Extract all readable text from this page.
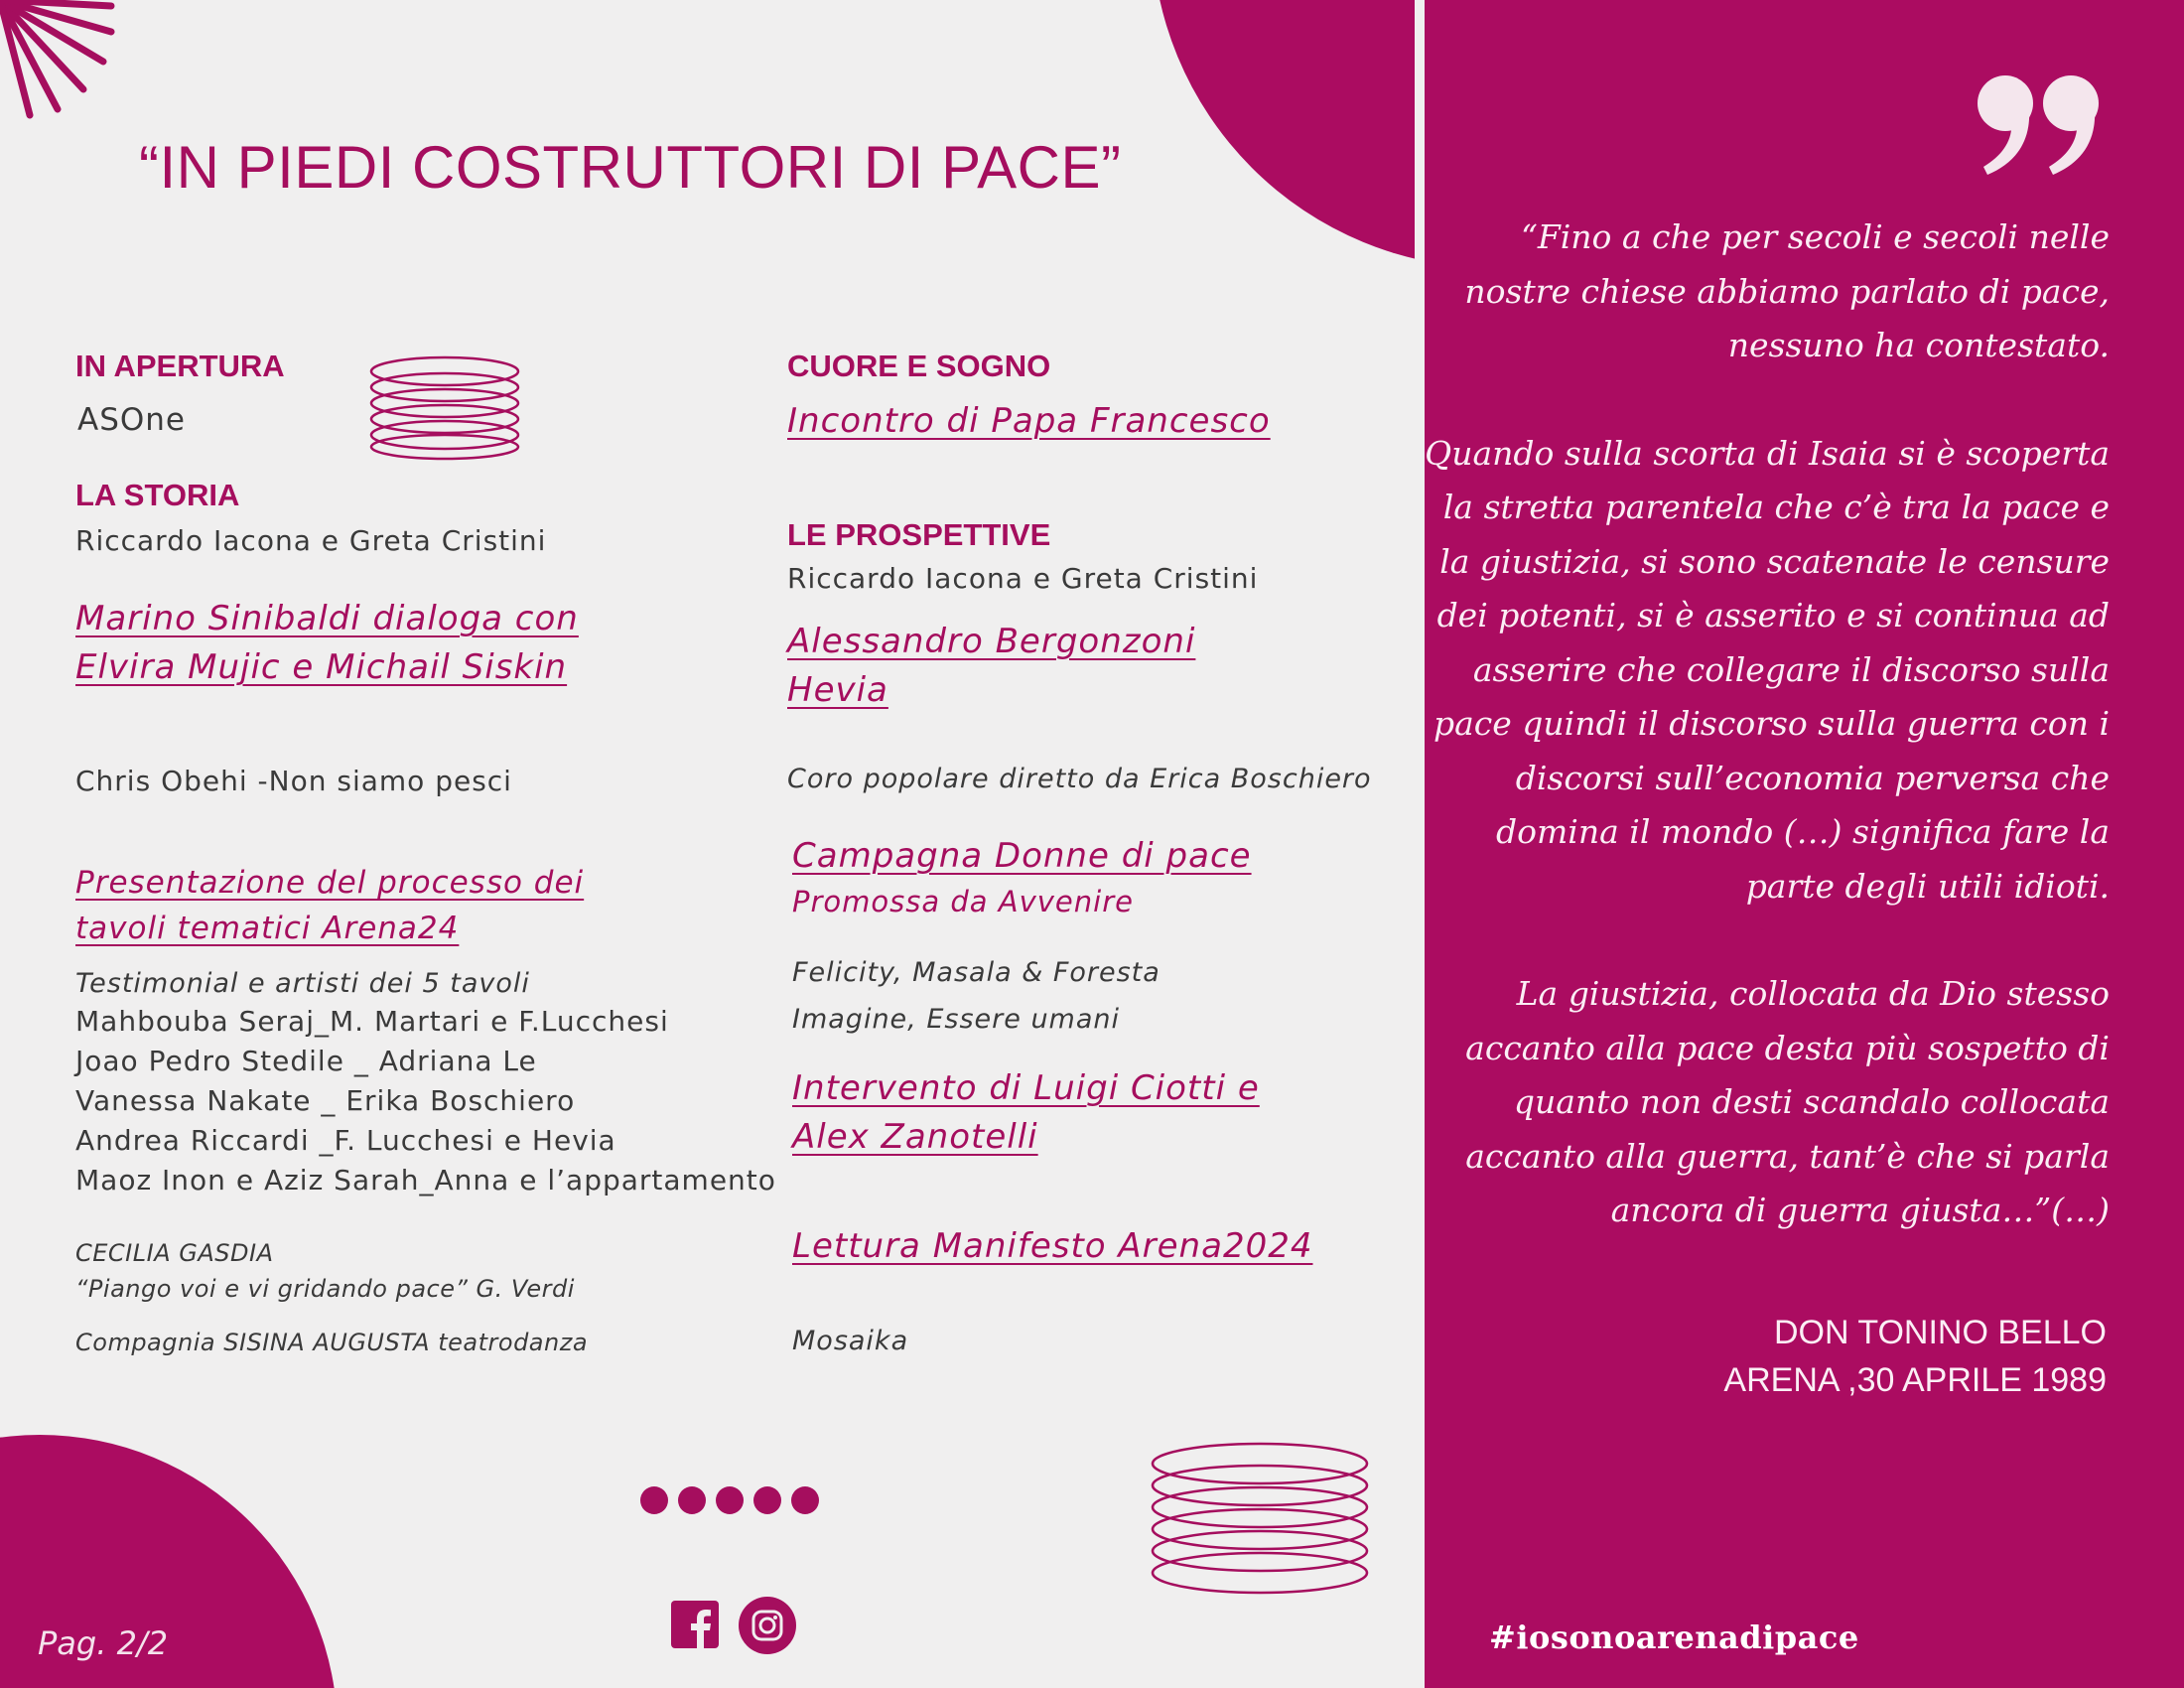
“IN PIEDI COSTRUTTORI DI PACE”
IN APERTURA
ASOne
LA STORIA
Riccardo Iacona e Greta Cristini
Marino Sinibaldi dialoga con
Elvira Mujic e Michail Siskin
Chris Obehi -Non siamo pesci
Presentazione del processo dei
tavoli tematici Arena24
Testimonial e artisti dei 5 tavoli
Mahbouba Seraj_M. Martari e F.Lucchesi
Joao Pedro Stedile _ Adriana Le
Vanessa Nakate _ Erika Boschiero
Andrea Riccardi _F. Lucchesi e Hevia
Maoz Inon e Aziz Sarah_Anna e l’appartamento
CECILIA GASDIA
“Piango voi e vi gridando pace” G. Verdi
Compagnia SISINA AUGUSTA teatrodanza
CUORE E SOGNO
Incontro di Papa Francesco
LE PROSPETTIVE
Riccardo Iacona e Greta Cristini
Alessandro Bergonzoni
Hevia
Coro popolare diretto da Erica Boschiero
Campagna Donne di pace
Promossa da Avvenire
Felicity, Masala & Foresta
Imagine, Essere umani
Intervento di Luigi Ciotti e
Alex Zanotelli
Lettura Manifesto Arena2024
Mosaika
Pag. 2/2

“Fino a che per secoli e secoli nelle nostre chiese abbiamo parlato di pace, nessuno ha contestato.

Quando sulla scorta di Isaia si è scoperta la stretta parentela che c’è tra la pace e la giustizia, si sono scatenate le censure dei potenti, si è asserito e si continua ad asserire che collegare il discorso sulla pace quindi il discorso sulla guerra con i discorsi sull’economia perversa che domina il mondo (…) significa fare la parte degli utili idioti.

La giustizia, collocata da Dio stesso accanto alla pace desta più sospetto di quanto non desti scandalo collocata accanto alla guerra, tant’è che si parla ancora di guerra giusta…”(…)

DON TONINO BELLO
ARENA ,30 APRILE 1989
#iosonoarenadipace
